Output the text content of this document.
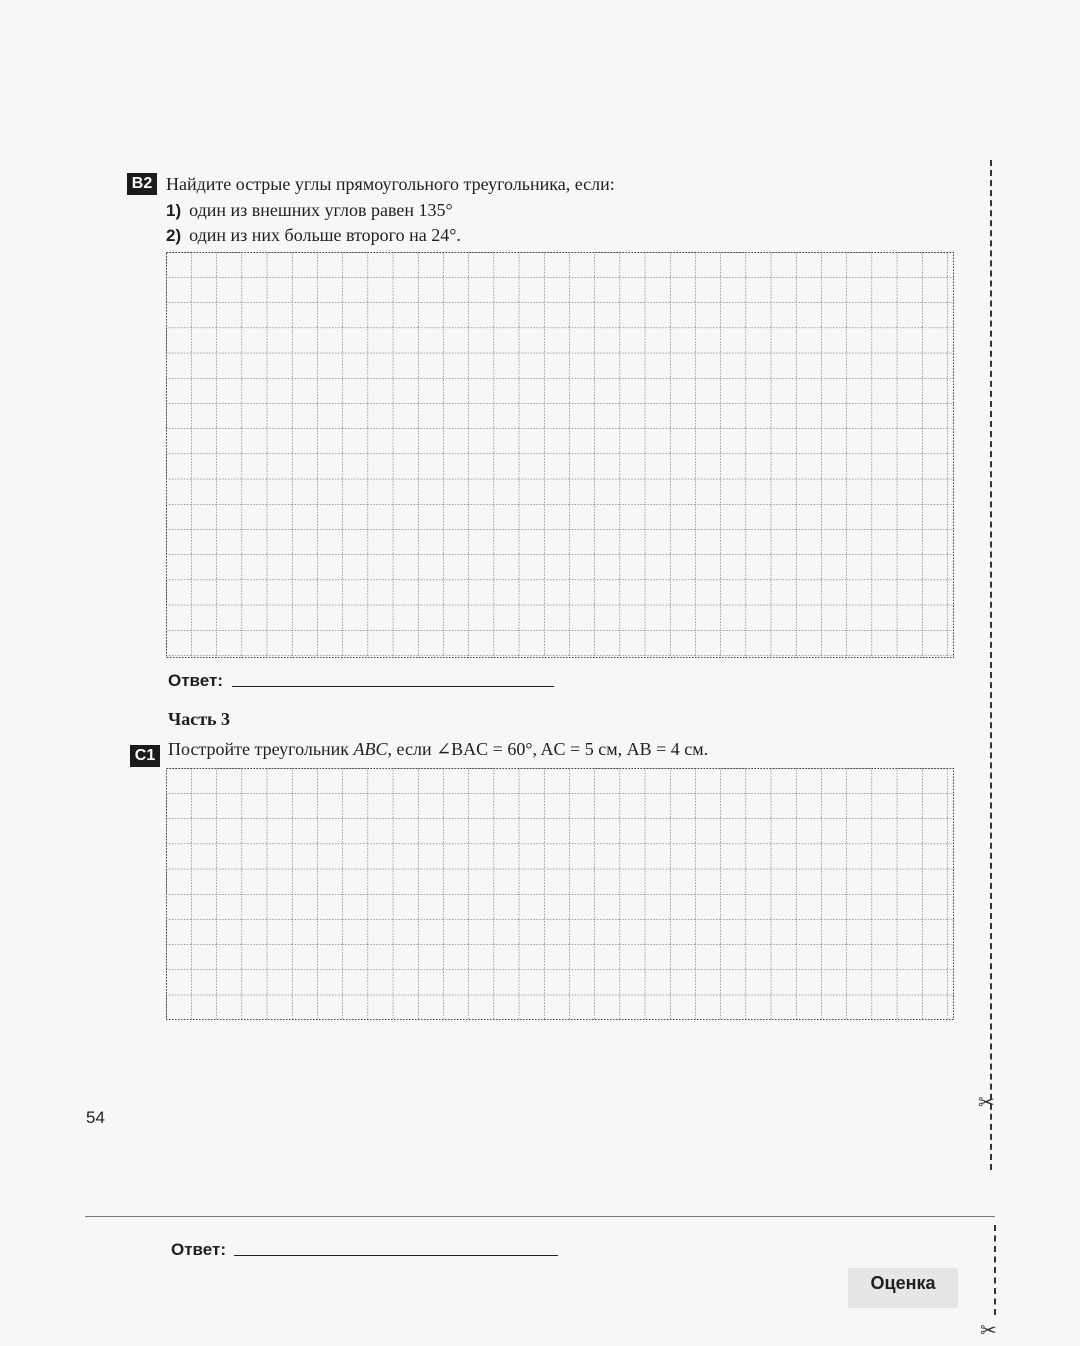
B2 Найдите острые углы прямоугольного треугольника, если:
1) один из внешних углов равен 135°
2) один из них больше второго на 24°.
Ответ:
Часть 3
C1 Постройте треугольник ABC, если ∠BAC = 60°, AC = 5 см, AB = 4 см.
54
✂
✂
Ответ:
Оценка
